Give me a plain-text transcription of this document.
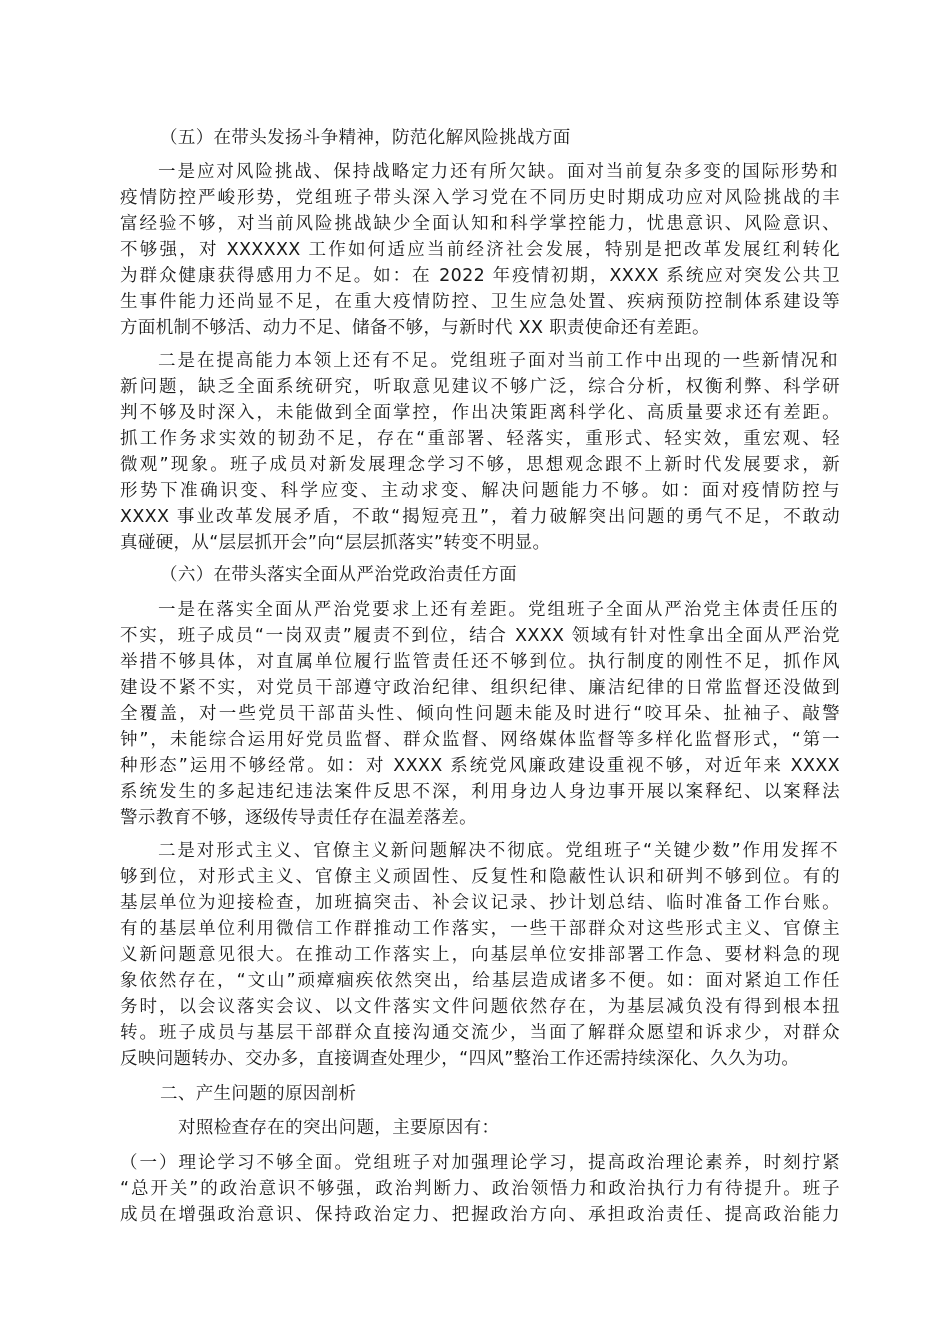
（五）在带头发扬斗争精神，防范化解风险挑战方面
一是应对风险挑战、保持战略定力还有所欠缺。面对当前复杂多变的国际形势和
疫情防控严峻形势，党组班子带头深入学习党在不同历史时期成功应对风险挑战的丰
富经验不够，对当前风险挑战缺少全面认知和科学掌控能力，忧患意识、风险意识、
不够强，对 XXXXXX 工作如何适应当前经济社会发展，特别是把改革发展红利转化
为群众健康获得感用力不足。如：在 2022 年疫情初期，XXXX 系统应对突发公共卫
生事件能力还尚显不足，在重大疫情防控、卫生应急处置、疾病预防控制体系建设等
方面机制不够活、动力不足、储备不够，与新时代 XX 职责使命还有差距。
二是在提高能力本领上还有不足。党组班子面对当前工作中出现的一些新情况和
新问题，缺乏全面系统研究，听取意见建议不够广泛，综合分析，权衡利弊、科学研
判不够及时深入，未能做到全面掌控，作出决策距离科学化、高质量要求还有差距。
抓工作务求实效的韧劲不足，存在“重部署、轻落实，重形式、轻实效，重宏观、轻
微观”现象。班子成员对新发展理念学习不够，思想观念跟不上新时代发展要求，新
形势下准确识变、科学应变、主动求变、解决问题能力不够。如：面对疫情防控与
XXXX 事业改革发展矛盾，不敢“揭短亮丑”，着力破解突出问题的勇气不足，不敢动
真碰硬，从“层层抓开会”向“层层抓落实”转变不明显。
（六）在带头落实全面从严治党政治责任方面
一是在落实全面从严治党要求上还有差距。党组班子全面从严治党主体责任压的
不实，班子成员“一岗双责”履责不到位，结合 XXXX 领域有针对性拿出全面从严治党
举措不够具体，对直属单位履行监管责任还不够到位。执行制度的刚性不足，抓作风
建设不紧不实，对党员干部遵守政治纪律、组织纪律、廉洁纪律的日常监督还没做到
全覆盖，对一些党员干部苗头性、倾向性问题未能及时进行“咬耳朵、扯袖子、敲警
钟”，未能综合运用好党员监督、群众监督、网络媒体监督等多样化监督形式，“第一
种形态”运用不够经常。如：对 XXXX 系统党风廉政建设重视不够，对近年来 XXXX
系统发生的多起违纪违法案件反思不深，利用身边人身边事开展以案释纪、以案释法
警示教育不够，逐级传导责任存在温差落差。
二是对形式主义、官僚主义新问题解决不彻底。党组班子“关键少数”作用发挥不
够到位，对形式主义、官僚主义顽固性、反复性和隐蔽性认识和研判不够到位。有的
基层单位为迎接检查，加班搞突击、补会议记录、抄计划总结、临时准备工作台账。
有的基层单位利用微信工作群推动工作落实，一些干部群众对这些形式主义、官僚主
义新问题意见很大。在推动工作落实上，向基层单位安排部署工作急、要材料急的现
象依然存在，“文山”顽瘴痼疾依然突出，给基层造成诸多不便。如：面对紧迫工作任
务时，以会议落实会议、以文件落实文件问题依然存在，为基层减负没有得到根本扭
转。班子成员与基层干部群众直接沟通交流少，当面了解群众愿望和诉求少，对群众
反映问题转办、交办多，直接调查处理少，“四风”整治工作还需持续深化、久久为功。
二、产生问题的原因剖析
对照检查存在的突出问题，主要原因有：
（一）理论学习不够全面。党组班子对加强理论学习，提高政治理论素养，时刻拧紧
“总开关”的政治意识不够强，政治判断力、政治领悟力和政治执行力有待提升。班子
成员在增强政治意识、保持政治定力、把握政治方向、承担政治责任、提高政治能力
